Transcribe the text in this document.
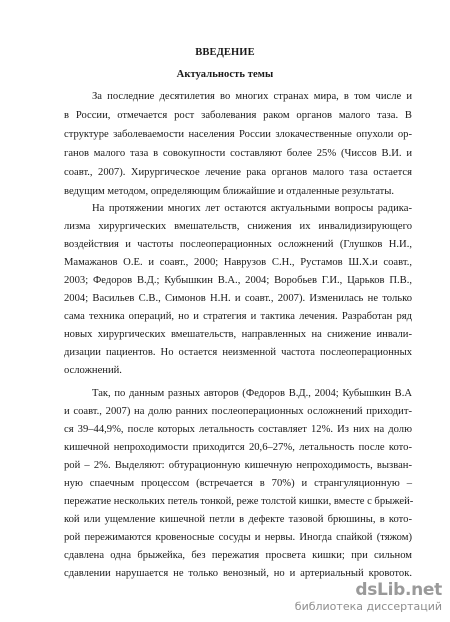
ВВЕДЕНИЕ
Актуальность темы
За последние десятилетия во многих странах мира, в том числе и
в России, отмечается рост заболевания раком органов малого таза. В
структуре заболеваемости населения России злокачественные опухоли ор-
ганов малого таза в совокупности составляют более 25% (Чиссов В.И. и
соавт., 2007). Хирургическое лечение рака органов малого таза остается
ведущим методом, определяющим ближайшие и отдаленные результаты.
На протяжении многих лет остаются актуальными вопросы радика-
лизма хирургических вмешательств, снижения их инвалидизирующего
воздействия и частоты послеоперационных осложнений (Глушков Н.И.,
Мамажанов О.Е. и соавт., 2000; Наврузов С.Н., Рустамов Ш.Х.и соавт.,
2003; Федоров В.Д.; Кубышкин В.А., 2004; Воробьев Г.И., Царьков П.В.,
2004; Васильев С.В., Симонов Н.Н. и соавт., 2007). Изменилась не только
сама техника операций, но и стратегия и тактика лечения. Разработан ряд
новых хирургических вмешательств, направленных на снижение инвали-
дизации пациентов. Но остается неизменной частота послеоперационных
осложнений.
Так, по данным разных авторов (Федоров В.Д., 2004; Кубышкин В.А
и соавт., 2007) на долю ранних послеоперационных осложнений приходит-
ся 39–44,9%, после которых летальность составляет 12%. Из них на долю
кишечной непроходимости приходится 20,6–27%, летальность после кото-
рой – 2%. Выделяют: обтурационную кишечную непроходимость, вызван-
ную спаечным процессом (встречается в 70%) и странгуляционную –
пережатие нескольких петель тонкой, реже толстой кишки, вместе с брыжей-
кой или ущемление кишечной петли в дефекте тазовой брюшины, в кото-
рой пережимаются кровеносные сосуды и нервы. Иногда спайкой (тяжом)
сдавлена одна брыжейка, без пережатия просвета кишки; при сильном
сдавлении нарушается не только венозный, но и артериальный кровоток.
dsLib.net
библиотека диссертаций
